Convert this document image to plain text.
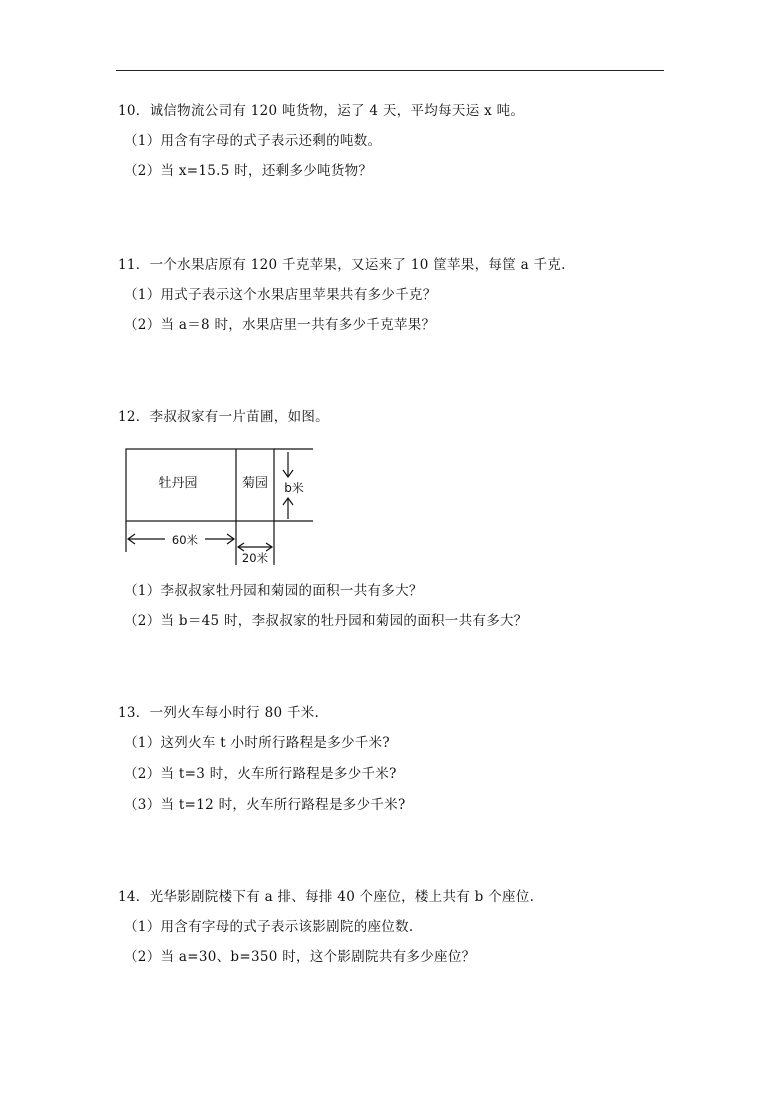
10．诚信物流公司有 120 吨货物，运了 4 天，平均每天运 x 吨。
（1）用含有字母的式子表示还剩的吨数。
（2）当 x=15.5 时，还剩多少吨货物？
11．一个水果店原有 120 千克苹果，又运来了 10 筐苹果，每筐 a 千克.
（1）用式子表示这个水果店里苹果共有多少千克？
（2）当 a＝8 时，水果店里一共有多少千克苹果？
12．李叔叔家有一片苗圃，如图。
牡丹园	菊园 b米
60米
20米
（1）李叔叔家牡丹园和菊园的面积一共有多大？
（2）当 b＝45 时，李叔叔家的牡丹园和菊园的面积一共有多大？
13．一列火车每小时行 80 千米.
（1）这列火车 t 小时所行路程是多少千米?
（2）当 t=3 时，火车所行路程是多少千米?
（3）当 t=12 时，火车所行路程是多少千米?
14．光华影剧院楼下有 a 排、每排 40 个座位，楼上共有 b 个座位.
（1）用含有字母的式子表示该影剧院的座位数.
（2）当 a=30、b=350 时，这个影剧院共有多少座位？
